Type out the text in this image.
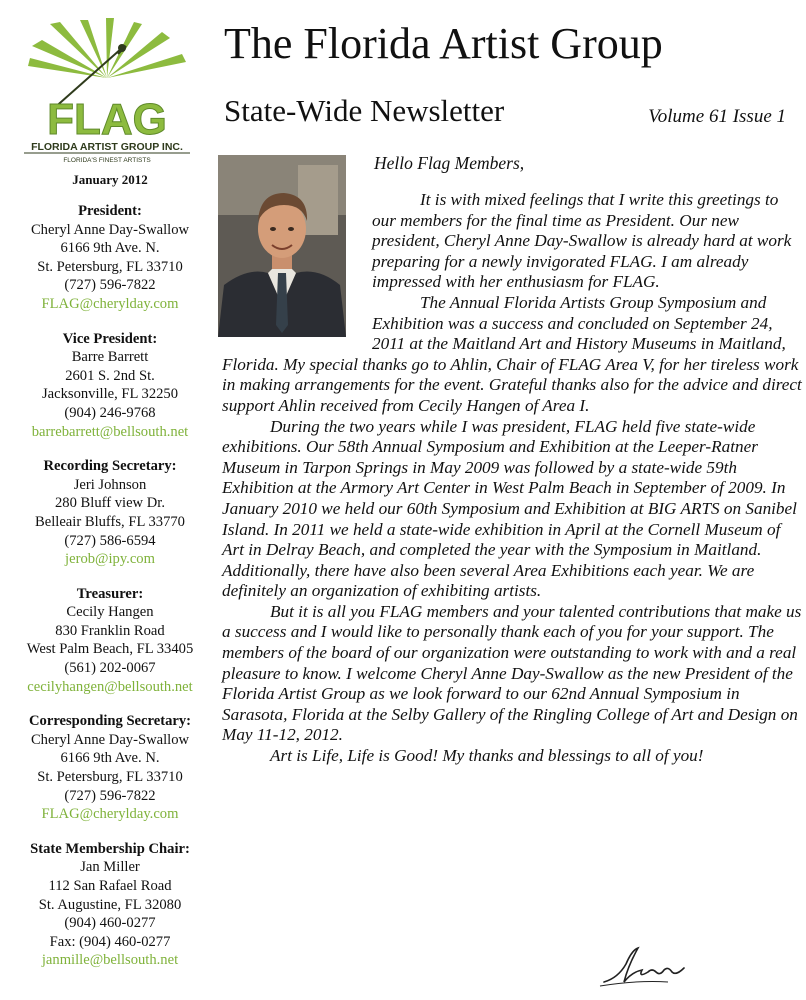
FLAG
FLORIDA ARTIST GROUP INC.
FLORIDA'S FINEST ARTISTS
January 2012
President:
Cheryl Anne Day-Swallow
6166 9th Ave. N.
St. Petersburg, FL 33710
(727) 596-7822
FLAG@cherylday.com
Vice President:
Barre Barrett
2601 S. 2nd St.
Jacksonville, FL 32250
(904) 246-9768
barrebarrett@bellsouth.net
Recording Secretary:
Jeri Johnson
280 Bluff view Dr.
Belleair Bluffs, FL 33770
(727) 586-6594
jerob@ipy.com
Treasurer:
Cecily Hangen
830 Franklin Road
West Palm Beach, FL 33405
(561) 202-0067
cecilyhangen@bellsouth.net
Corresponding Secretary:
Cheryl Anne Day-Swallow
6166 9th Ave. N.
St. Petersburg, FL 33710
(727) 596-7822
FLAG@cherylday.com
State Membership Chair:
Jan Miller
112 San Rafael Road
St. Augustine, FL 32080
(904) 460-0277
Fax: (904) 460-0277
janmille@bellsouth.net
The Florida Artist Group
State-Wide Newsletter	Volume 61 Issue 1
Hello Flag Members,

It is with mixed feelings that I write this greetings to our members for the final time as President. Our new president, Cheryl Anne Day-Swallow is already hard at work preparing for a newly invigorated FLAG. I am already impressed with her enthusiasm for FLAG.

The Annual Florida Artists Group Symposium and Exhibition was a success and concluded on September 24, 2011 at the Maitland Art and History Museums in Maitland, Florida. My special thanks go to Ahlin, Chair of FLAG Area V, for her tireless work in making arrangements for the event. Grateful thanks also for the advice and direct support Ahlin received from Cecily Hangen of Area I.

During the two years while I was president, FLAG held five state-wide exhibitions. Our 58th Annual Symposium and Exhibition at the Leeper-Ratner Museum in Tarpon Springs in May 2009 was followed by a state-wide 59th Exhibition at the Armory Art Center in West Palm Beach in September of 2009. In January 2010 we held our 60th Symposium and Exhibition at BIG ARTS on Sanibel Island. In 2011 we held a state-wide exhibition in April at the Cornell Museum of Art in Delray Beach, and completed the year with the Symposium in Maitland. Additionally, there have also been several Area Exhibitions each year. We are definitely an organization of exhibiting artists.

But it is all you FLAG members and your talented contributions that make us a success and I would like to personally thank each of you for your support. The members of the board of our organization were outstanding to work with and a real pleasure to know. I welcome Cheryl Anne Day-Swallow as the new President of the Florida Artist Group as we look forward to our 62nd Annual Symposium in Sarasota, Florida at the Selby Gallery of the Ringling College of Art and Design on May 11-12, 2012.

Art is Life, Life is Good! My thanks and blessings to all of you!
